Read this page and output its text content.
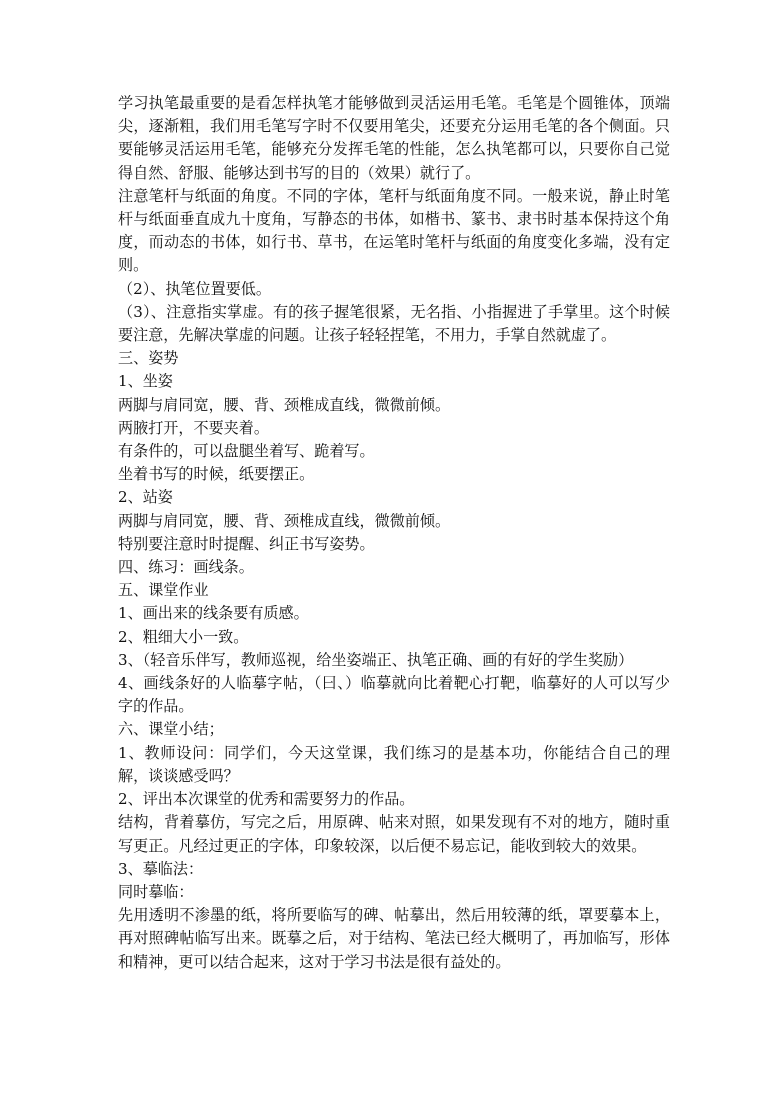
学习执笔最重要的是看怎样执笔才能够做到灵活运用毛笔。毛笔是个圆锥体，顶端尖，逐渐粗，我们用毛笔写字时不仅要用笔尖，还要充分运用毛笔的各个侧面。只要能够灵活运用毛笔，能够充分发挥毛笔的性能，怎么执笔都可以，只要你自己觉得自然、舒服、能够达到书写的目的（效果）就行了。

注意笔杆与纸面的角度。不同的字体，笔杆与纸面角度不同。一般来说，静止时笔杆与纸面垂直成九十度角，写静态的书体，如楷书、篆书、隶书时基本保持这个角度，而动态的书体，如行书、草书，在运笔时笔杆与纸面的角度变化多端，没有定则。

（2）、执笔位置要低。

（3）、注意指实掌虚。有的孩子握笔很紧，无名指、小指握进了手掌里。这个时候要注意，先解决掌虚的问题。让孩子轻轻捏笔，不用力，手掌自然就虚了。

三、姿势

1、坐姿

两脚与肩同宽，腰、背、颈椎成直线，微微前倾。

两腋打开，不要夹着。

有条件的，可以盘腿坐着写、跪着写。

坐着书写的时候，纸要摆正。

2、站姿

两脚与肩同宽，腰、背、颈椎成直线，微微前倾。

特别要注意时时提醒、纠正书写姿势。

四、练习：画线条。

五、课堂作业

1、画出来的线条要有质感。

2、粗细大小一致。

3、（轻音乐伴写，教师巡视，给坐姿端正、执笔正确、画的有好的学生奖励）

4、画线条好的人临摹字帖，（曰、）临摹就向比着靶心打靶，临摹好的人可以写少字的作品。

六、课堂小结；

1、教师设问：同学们，今天这堂课，我们练习的是基本功，你能结合自己的理解，谈谈感受吗？

2、评出本次课堂的优秀和需要努力的作品。

结构，背着摹仿，写完之后，用原碑、帖来对照，如果发现有不对的地方，随时重写更正。凡经过更正的字体，印象较深，以后便不易忘记，能收到较大的效果。

3、摹临法：

同时摹临：

先用透明不渗墨的纸，将所要临写的碑、帖摹出，然后用较薄的纸，罩要摹本上，再对照碑帖临写出来。既摹之后，对于结构、笔法已经大概明了，再加临写，形体和精神，更可以结合起来，这对于学习书法是很有益处的。
